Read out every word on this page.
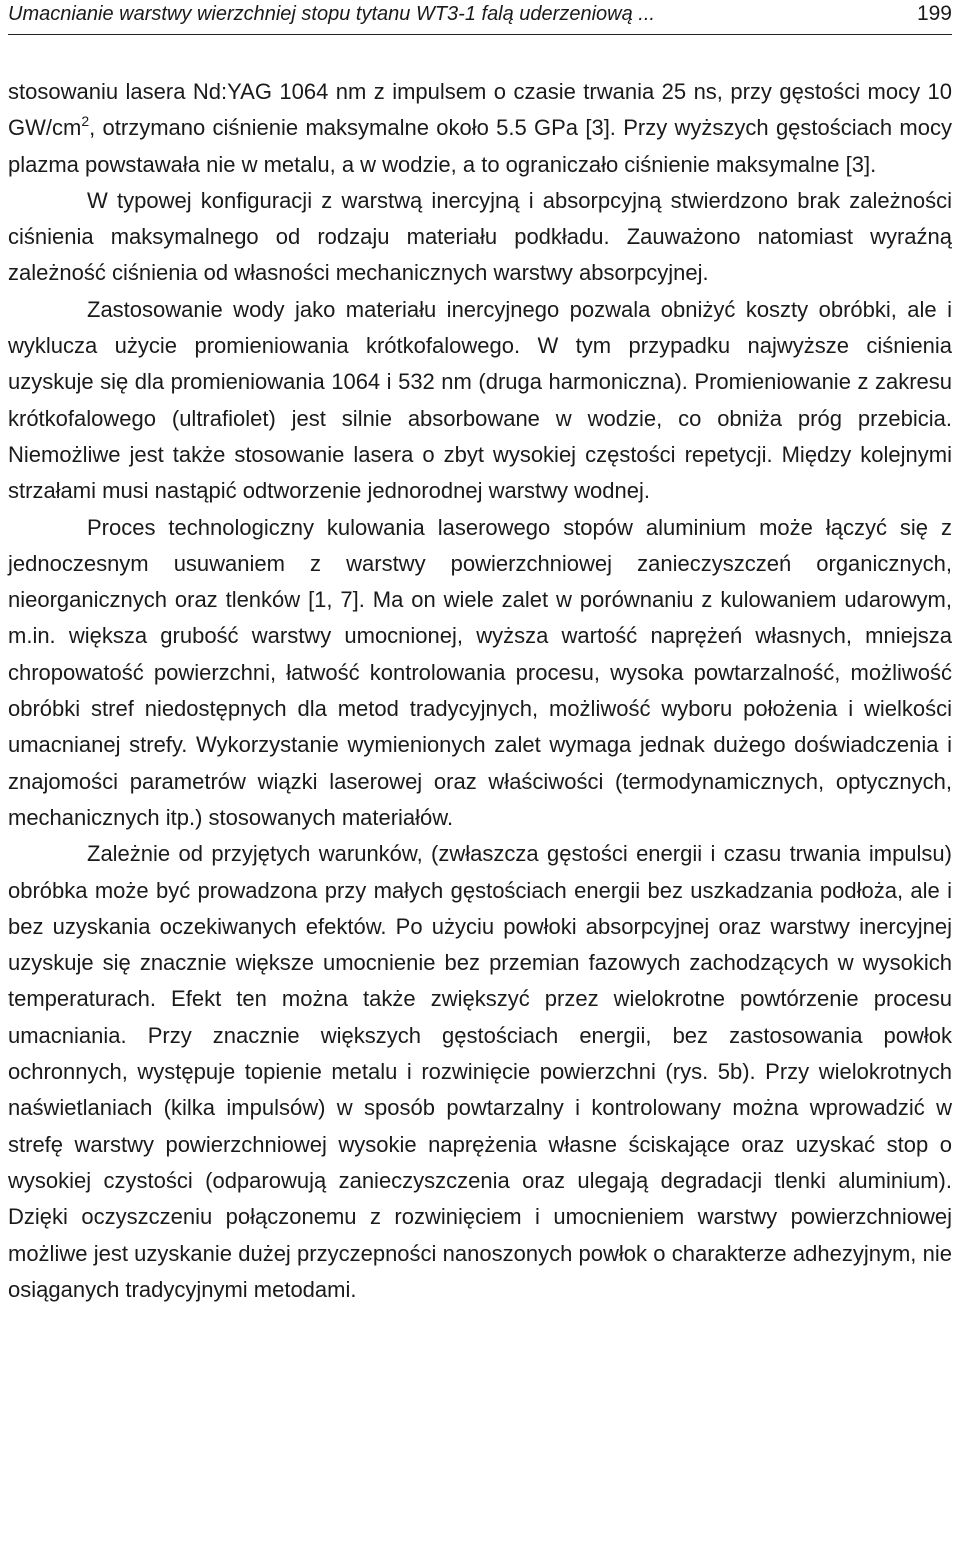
Umacnianie warstwy wierzchniej stopu tytanu WT3-1 falą uderzeniową ...	199

stosowaniu lasera Nd:YAG 1064 nm z impulsem o czasie trwania 25 ns, przy gęstości mocy 10 $GW/cm^2$, otrzymano ciśnienie maksymalne około 5.5 GPa [3]. Przy wyższych gęstościach mocy plazma powstawała nie w metalu, a w wodzie, a to ograniczało ciśnienie maksymalne [3].

W typowej konfiguracji z warstwą inercyjną i absorpcyjną stwierdzono brak zależności ciśnienia maksymalnego od rodzaju materiału podkładu. Zauważono natomiast wyraźną zależność ciśnienia od własności mechanicznych warstwy absorpcyjnej.

Zastosowanie wody jako materiału inercyjnego pozwala obniżyć koszty obróbki, ale i wyklucza użycie promieniowania krótkofalowego. W tym przypadku najwyższe ciśnienia uzyskuje się dla promieniowania 1064 i 532 nm (druga harmoniczna). Promieniowanie z zakresu krótkofalowego (ultrafiolet) jest silnie absorbowane w wodzie, co obniża próg przebicia. Niemożliwe jest także stosowanie lasera o zbyt wysokiej częstości repetycji. Między kolejnymi strzałami musi nastąpić odtworzenie jednorodnej warstwy wodnej.

Proces technologiczny kulowania laserowego stopów aluminium może łączyć się z jednoczesnym usuwaniem z warstwy powierzchniowej zanieczyszczeń organicznych, nieorganicznych oraz tlenków [1, 7]. Ma on wiele zalet w porównaniu z kulowaniem udarowym, m.in. większa grubość warstwy umocnionej, wyższa wartość naprężeń własnych, mniejsza chropowatość powierzchni, łatwość kontrolowania procesu, wysoka powtarzalność, możliwość obróbki stref niedostępnych dla metod tradycyjnych, możliwość wyboru położenia i wielkości umacnianej strefy. Wykorzystanie wymienionych zalet wymaga jednak dużego doświadczenia i znajomości parametrów wiązki laserowej oraz właściwości (termodynamicznych, optycznych, mechanicznych itp.) stosowanych materiałów.

Zależnie od przyjętych warunków, (zwłaszcza gęstości energii i czasu trwania impulsu) obróbka może być prowadzona przy małych gęstościach energii bez uszkadzania podłoża, ale i bez uzyskania oczekiwanych efektów. Po użyciu powłoki absorpcyjnej oraz warstwy inercyjnej uzyskuje się znacznie większe umocnienie bez przemian fazowych zachodzących w wysokich temperaturach. Efekt ten można także zwiększyć przez wielokrotne powtórzenie procesu umacniania. Przy znacznie większych gęstościach energii, bez zastosowania powłok ochronnych, występuje topienie metalu i rozwinięcie powierzchni (rys. 5b). Przy wielokrotnych naświetlaniach (kilka impulsów) w sposób powtarzalny i kontrolowany można wprowadzić w strefę warstwy powierzchniowej wysokie naprężenia własne ściskające oraz uzyskać stop o wysokiej czystości (odparowują zanieczyszczenia oraz ulegają degradacji tlenki aluminium). Dzięki oczyszczeniu połączonemu z rozwinięciem i umocnieniem warstwy powierzchniowej możliwe jest uzyskanie dużej przyczepności nanoszonych powłok o charakterze adhezyjnym, nie osiąganych tradycyjnymi metodami.
